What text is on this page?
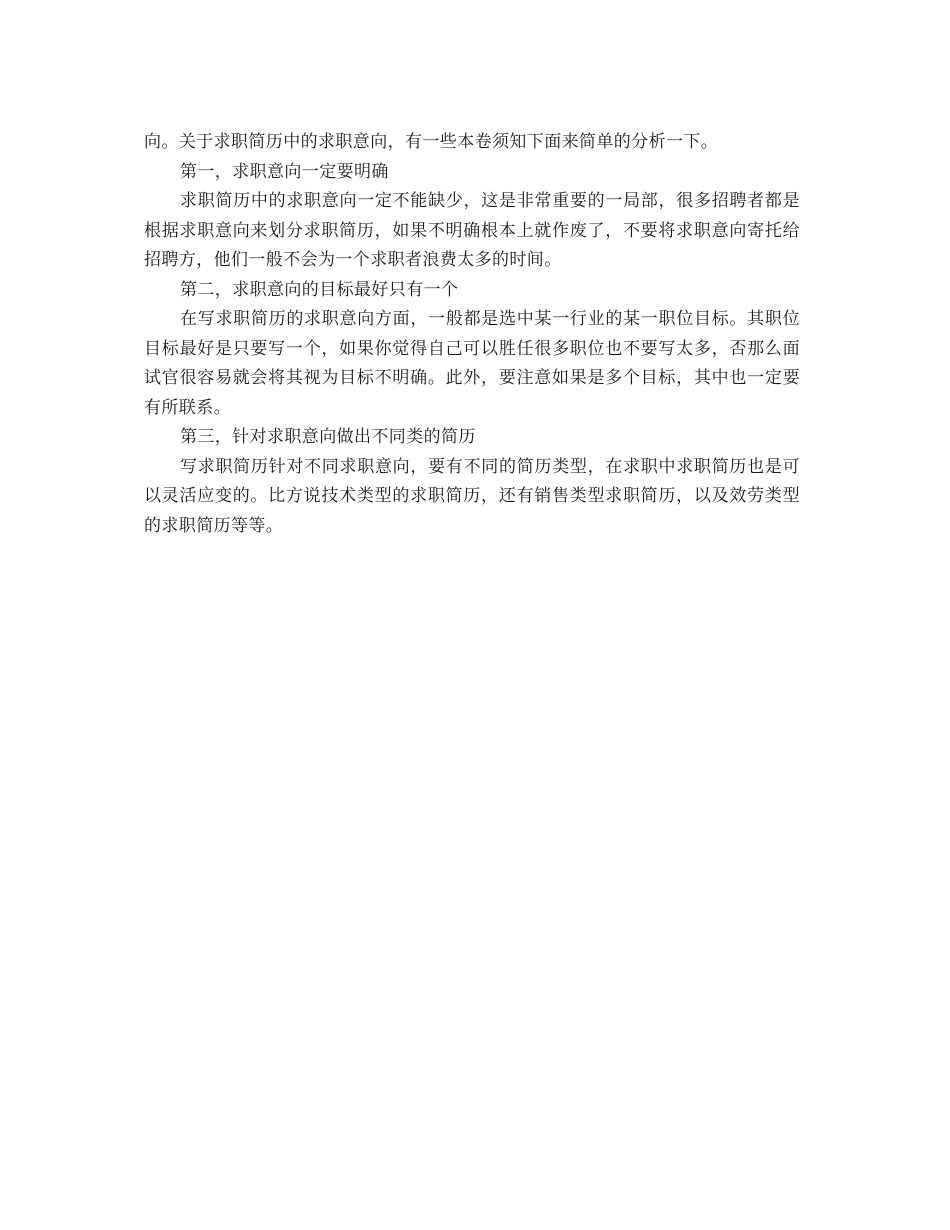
向。关于求职简历中的求职意向，有一些本卷须知下面来简单的分析一下。

第一，求职意向一定要明确

求职简历中的求职意向一定不能缺少，这是非常重要的一局部，很多招聘者都是根据求职意向来划分求职简历，如果不明确根本上就作废了，不要将求职意向寄托给招聘方，他们一般不会为一个求职者浪费太多的时间。

第二，求职意向的目标最好只有一个

在写求职简历的求职意向方面，一般都是选中某一行业的某一职位目标。其职位目标最好是只要写一个，如果你觉得自己可以胜任很多职位也不要写太多，否那么面试官很容易就会将其视为目标不明确。此外，要注意如果是多个目标，其中也一定要有所联系。

第三，针对求职意向做出不同类的简历

写求职简历针对不同求职意向，要有不同的简历类型，在求职中求职简历也是可以灵活应变的。比方说技术类型的求职简历，还有销售类型求职简历，以及效劳类型的求职简历等等。
